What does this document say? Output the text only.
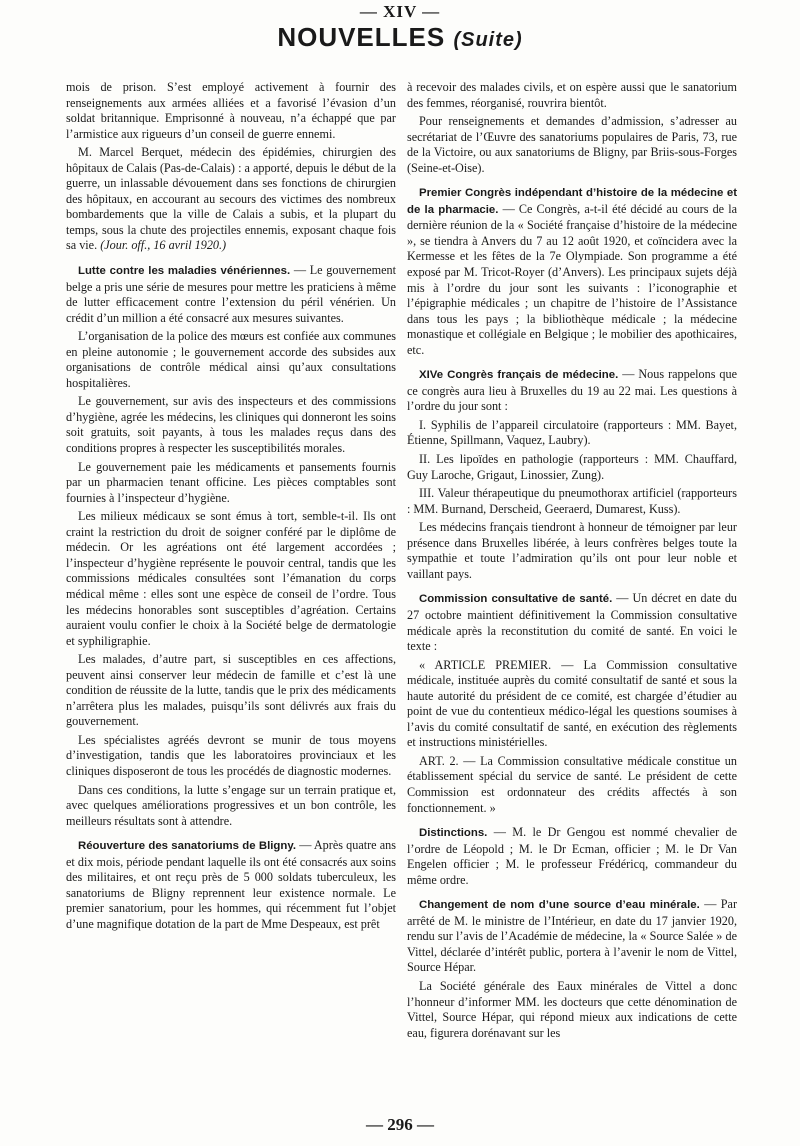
— XIV —
NOUVELLES (Suite)

mois de prison. S’est employé activement à fournir des renseignements aux armées alliées et a favorisé l’évasion d’un soldat britannique. Emprisonné à nouveau, n’a échappé que par l’armistice aux rigueurs d’un conseil de guerre ennemi.

M. Marcel Berquet, médecin des épidémies, chirurgien des hôpitaux de Calais (Pas-de-Calais) : a apporté, depuis le début de la guerre, un inlassable dévouement dans ses fonctions de chirurgien des hôpitaux, en accourant au secours des victimes des nombreux bombardements que la ville de Calais a subis, et la plupart du temps, sous la chute des projectiles ennemis, exposant chaque fois sa vie. (Jour. off., 16 avril 1920.)

Lutte contre les maladies vénériennes. — Le gouvernement belge a pris une série de mesures pour mettre les praticiens à même de lutter efficacement contre l’extension du péril vénérien. Un crédit d’un million a été consacré aux mesures suivantes.

L’organisation de la police des mœurs est confiée aux communes en pleine autonomie ; le gouvernement accorde des subsides aux organisations de contrôle médical ainsi qu’aux consultations hospitalières.

Le gouvernement, sur avis des inspecteurs et des commissions d’hygiène, agrée les médecins, les cliniques qui donneront les soins soit gratuits, soit payants, à tous les malades reçus dans des conditions propres à respecter les susceptibilités morales.

Le gouvernement paie les médicaments et pansements fournis par un pharmacien tenant officine. Les pièces comptables sont fournies à l’inspecteur d’hygiène.

Les milieux médicaux se sont émus à tort, semble-t-il. Ils ont craint la restriction du droit de soigner conféré par le diplôme de médecin. Or les agréations ont été largement accordées ; l’inspecteur d’hygiène représente le pouvoir central, tandis que les commissions médicales consultées sont l’émanation du corps médical même : elles sont une espèce de conseil de l’ordre. Tous les médecins honorables sont susceptibles d’agréation. Certains auraient voulu confier le choix à la Société belge de dermatologie et syphiligraphie.

Les malades, d’autre part, si susceptibles en ces affections, peuvent ainsi conserver leur médecin de famille et c’est là une condition de réussite de la lutte, tandis que le prix des médicaments n’arrêtera plus les malades, puisqu’ils sont délivrés aux frais du gouvernement.

Les spécialistes agréés devront se munir de tous moyens d’investigation, tandis que les laboratoires provinciaux et les cliniques disposeront de tous les procédés de diagnostic modernes.

Dans ces conditions, la lutte s’engage sur un terrain pratique et, avec quelques améliorations progressives et un bon contrôle, les meilleurs résultats sont à attendre.

Réouverture des sanatoriums de Bligny. — Après quatre ans et dix mois, période pendant laquelle ils ont été consacrés aux soins des militaires, et ont reçu près de 5 000 soldats tuberculeux, les sanatoriums de Bligny reprennent leur existence normale. Le premier sanatorium, pour les hommes, qui récemment fut l’objet d’une magnifique dotation de la part de Mme Despeaux, est prêt

à recevoir des malades civils, et on espère aussi que le sanatorium des femmes, réorganisé, rouvrira bientôt.

Pour renseignements et demandes d’admission, s’adresser au secrétariat de l’Œuvre des sanatoriums populaires de Paris, 73, rue de la Victoire, ou aux sanatoriums de Bligny, par Briis-sous-Forges (Seine-et-Oise).

Premier Congrès indépendant d’histoire de la médecine et de la pharmacie. — Ce Congrès, a-t-il été décidé au cours de la dernière réunion de la « Société française d’histoire de la médecine », se tiendra à Anvers du 7 au 12 août 1920, et coïncidera avec la Kermesse et les fêtes de la 7e Olympiade. Son programme a été exposé par M. Tricot-Royer (d’Anvers). Les principaux sujets déjà mis à l’ordre du jour sont les suivants : l’iconographie et l’épigraphie médicales ; un chapitre de l’histoire de l’Assistance dans tous les pays ; la bibliothèque médicale ; la médecine monastique et collégiale en Belgique ; le mobilier des apothicaires, etc.

XIVe Congrès français de médecine. — Nous rappelons que ce congrès aura lieu à Bruxelles du 19 au 22 mai. Les questions à l’ordre du jour sont :

I. Syphilis de l’appareil circulatoire (rapporteurs : MM. Bayet, Étienne, Spillmann, Vaquez, Laubry).

II. Les lipoïdes en pathologie (rapporteurs : MM. Chauffard, Guy Laroche, Grigaut, Linossier, Zung).

III. Valeur thérapeutique du pneumothorax artificiel (rapporteurs : MM. Burnand, Derscheid, Geeraerd, Dumarest, Kuss).

Les médecins français tiendront à honneur de témoigner par leur présence dans Bruxelles libérée, à leurs confrères belges toute la sympathie et toute l’admiration qu’ils ont pour leur noble et vaillant pays.

Commission consultative de santé. — Un décret en date du 27 octobre maintient définitivement la Commission consultative médicale après la reconstitution du comité de santé. En voici le texte :

« ARTICLE PREMIER. — La Commission consultative médicale, instituée auprès du comité consultatif de santé et sous la haute autorité du président de ce comité, est chargée d’étudier au point de vue du contentieux médico-légal les questions soumises à l’avis du comité consultatif de santé, en exécution des règlements et instructions ministérielles.

ART. 2. — La Commission consultative médicale constitue un établissement spécial du service de santé. Le président de cette Commission est ordonnateur des crédits affectés à son fonctionnement. »

Distinctions. — M. le Dr Gengou est nommé chevalier de l’ordre de Léopold ; M. le Dr Ecman, officier ; M. le Dr Van Engelen officier ; M. le professeur Frédéricq, commandeur du même ordre.

Changement de nom d’une source d’eau minérale. — Par arrêté de M. le ministre de l’Intérieur, en date du 17 janvier 1920, rendu sur l’avis de l’Académie de médecine, la « Source Salée » de Vittel, déclarée d’intérêt public, portera à l’avenir le nom de Vittel, Source Hépar.

La Société générale des Eaux minérales de Vittel a donc l’honneur d’informer MM. les docteurs que cette dénomination de Vittel, Source Hépar, qui répond mieux aux indications de cette eau, figurera dorénavant sur les

— 296 —
